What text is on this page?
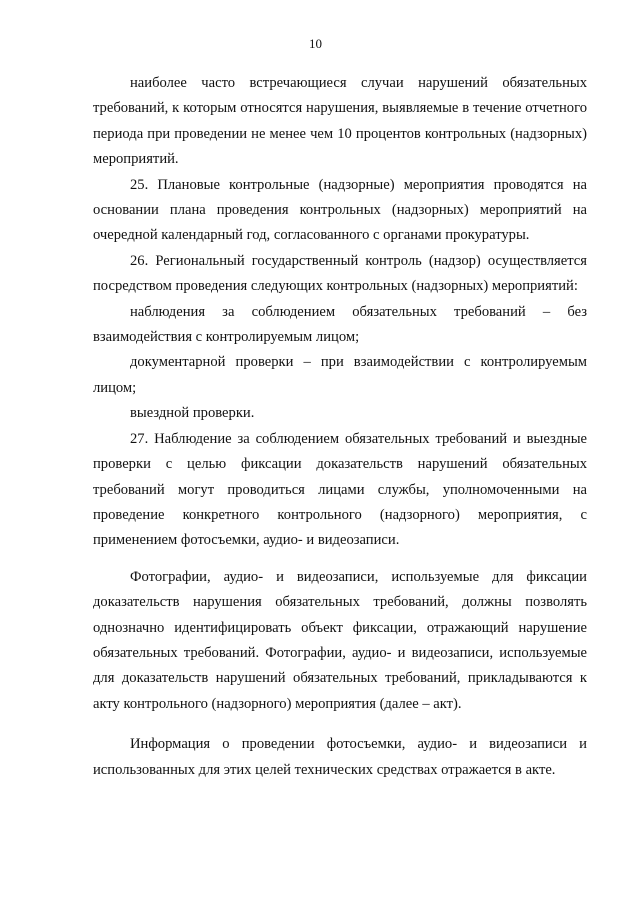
10

наиболее часто встречающиеся случаи нарушений обязательных требований, к которым относятся нарушения, выявляемые в течение отчетного периода при проведении не менее чем 10 процентов контрольных (надзорных) мероприятий.

25. Плановые контрольные (надзорные) мероприятия проводятся на основании плана проведения контрольных (надзорных) мероприятий на очередной календарный год, согласованного с органами прокуратуры.

26. Региональный государственный контроль (надзор) осуществляется посредством проведения следующих контрольных (надзорных) мероприятий:

наблюдения за соблюдением обязательных требований – без взаимодействия с контролируемым лицом;

документарной проверки – при взаимодействии с контролируемым лицом;

выездной проверки.

27. Наблюдение за соблюдением обязательных требований и выездные проверки с целью фиксации доказательств нарушений обязательных требований могут проводиться лицами службы, уполномоченными на проведение конкретного контрольного (надзорного) мероприятия, с применением фотосъемки, аудио- и видеозаписи.

Фотографии, аудио- и видеозаписи, используемые для фиксации доказательств нарушения обязательных требований, должны позволять однозначно идентифицировать объект фиксации, отражающий нарушение обязательных требований. Фотографии, аудио- и видеозаписи, используемые для доказательств нарушений обязательных требований, прикладываются к акту контрольного (надзорного) мероприятия (далее – акт).

Информация о проведении фотосъемки, аудио- и видеозаписи и использованных для этих целей технических средствах отражается в акте.
